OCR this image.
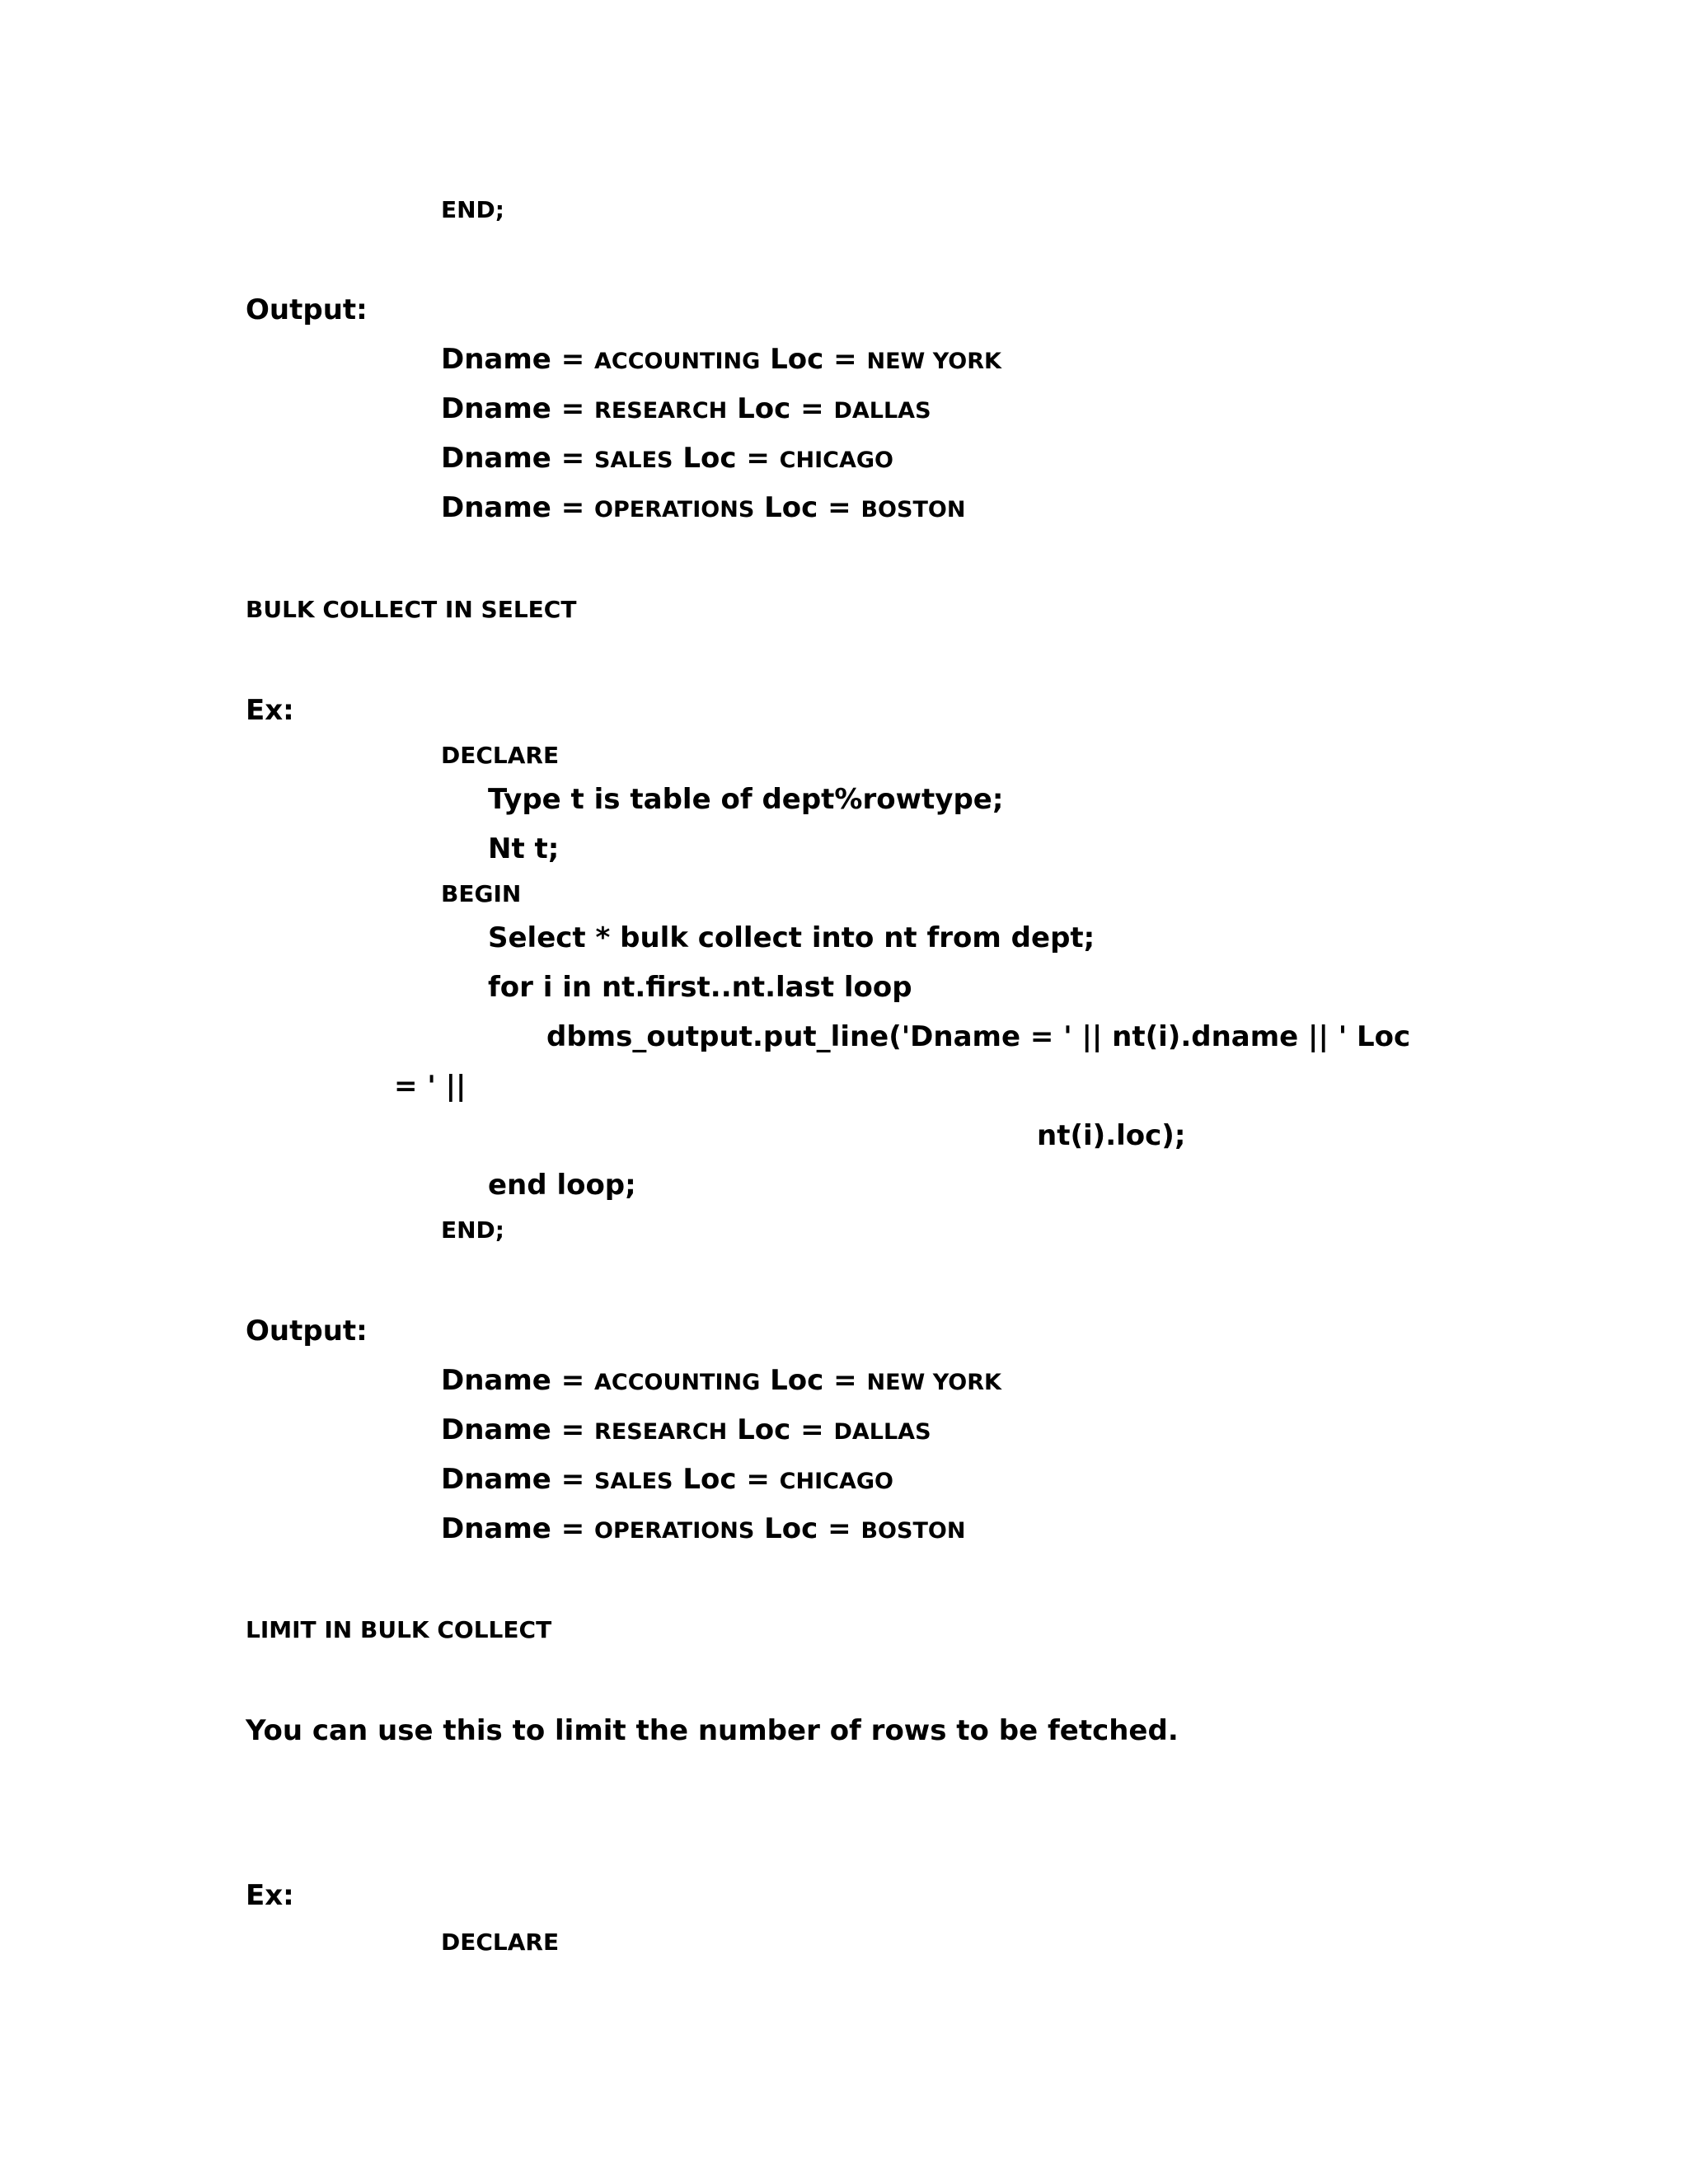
END;
Output:
Dname = ACCOUNTING Loc = NEW YORK
Dname = RESEARCH Loc = DALLAS
Dname = SALES Loc = CHICAGO
Dname = OPERATIONS Loc = BOSTON
BULK COLLECT IN SELECT
Ex:
DECLARE
Type t is table of dept%rowtype;
Nt t;
BEGIN
Select * bulk collect into nt from dept;
for i in nt.first..nt.last loop
dbms_output.put_line('Dname = ' || nt(i).dname || ' Loc
= ' ||
nt(i).loc);
end loop;
END;
Output:
Dname = ACCOUNTING Loc = NEW YORK
Dname = RESEARCH Loc = DALLAS
Dname = SALES Loc = CHICAGO
Dname = OPERATIONS Loc = BOSTON
LIMIT IN BULK COLLECT
You can use this to limit the number of rows to be fetched.
Ex:
DECLARE
